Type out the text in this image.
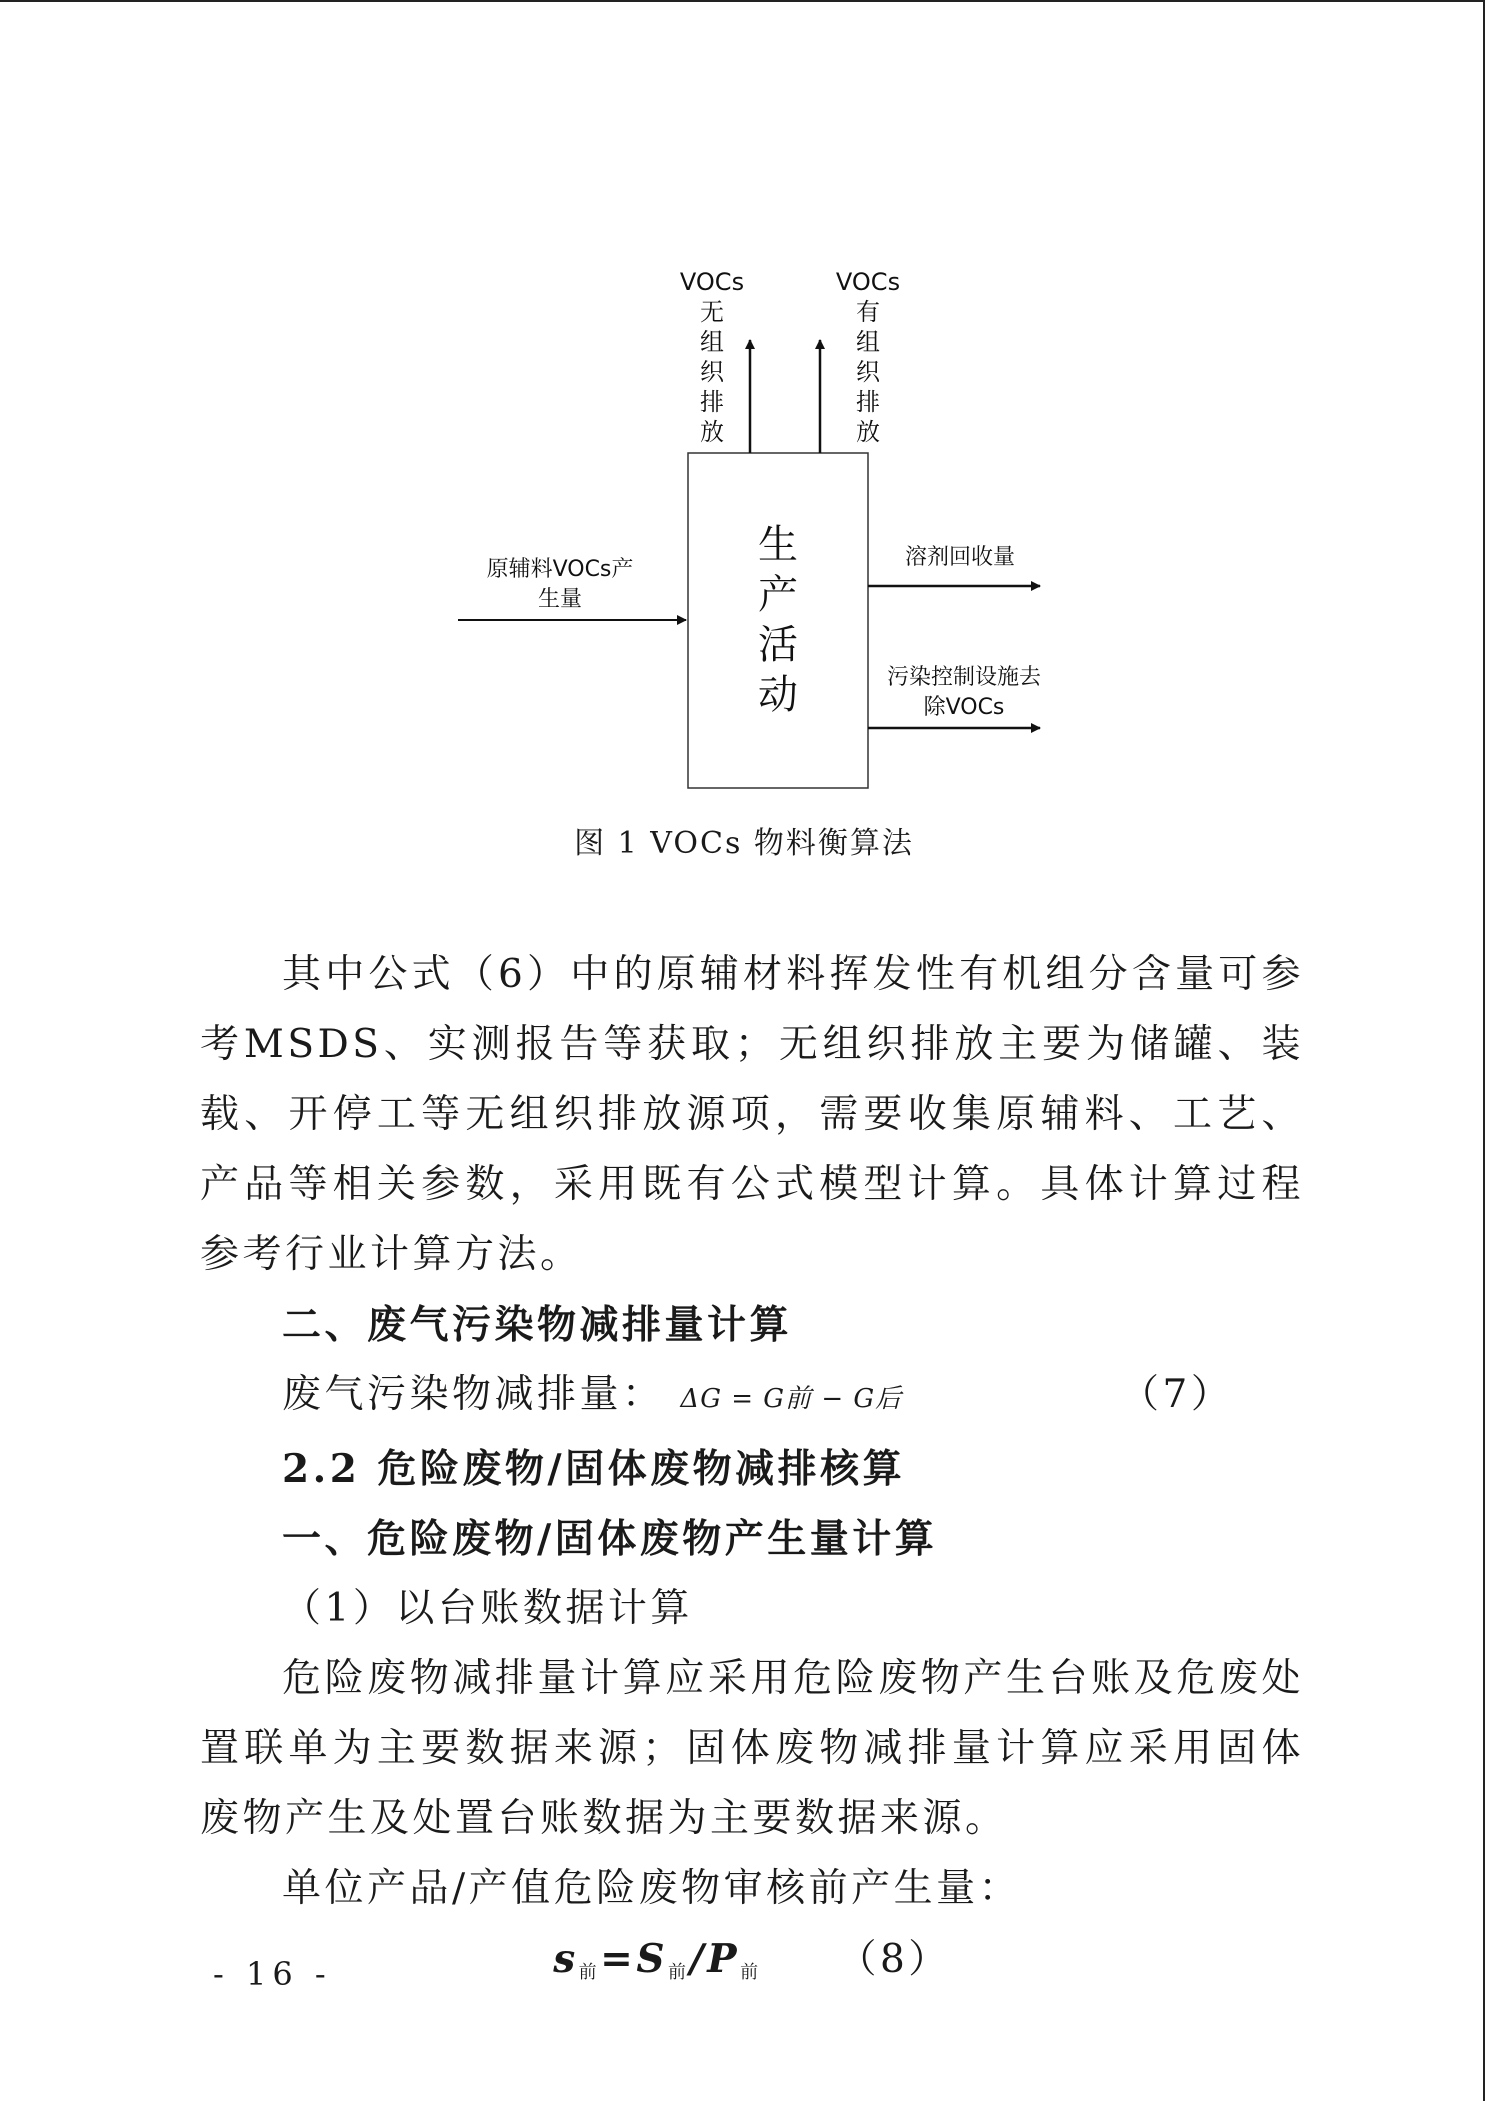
VOCs
无
组
织
排
放
VOCs
有
组
织
排
放
生
产
活
动
原辅料VOCs产
生量
溶剂回收量
污染控制设施去
除VOCs
图 1 VOCs 物料衡算法

其中公式（6）中的原辅材料挥发性有机组分含量可参考MSDS、实测报告等获取；无组织排放主要为储罐、装载、开停工等无组织排放源项，需要收集原辅料、工艺、产品等相关参数，采用既有公式模型计算。具体计算过程参考行业计算方法。

二、废气污染物减排量计算

废气污染物减排量： ΔG = G前 − G后	（7）

2.2 危险废物/固体废物减排核算

一、危险废物/固体废物产生量计算

（1）以台账数据计算

危险废物减排量计算应采用危险废物产生台账及危废处置联单为主要数据来源；固体废物减排量计算应采用固体废物产生及处置台账数据为主要数据来源。

单位产品/产值危险废物审核前产生量：

$s_前=S_前/P_前$ （8）

- 16 -
